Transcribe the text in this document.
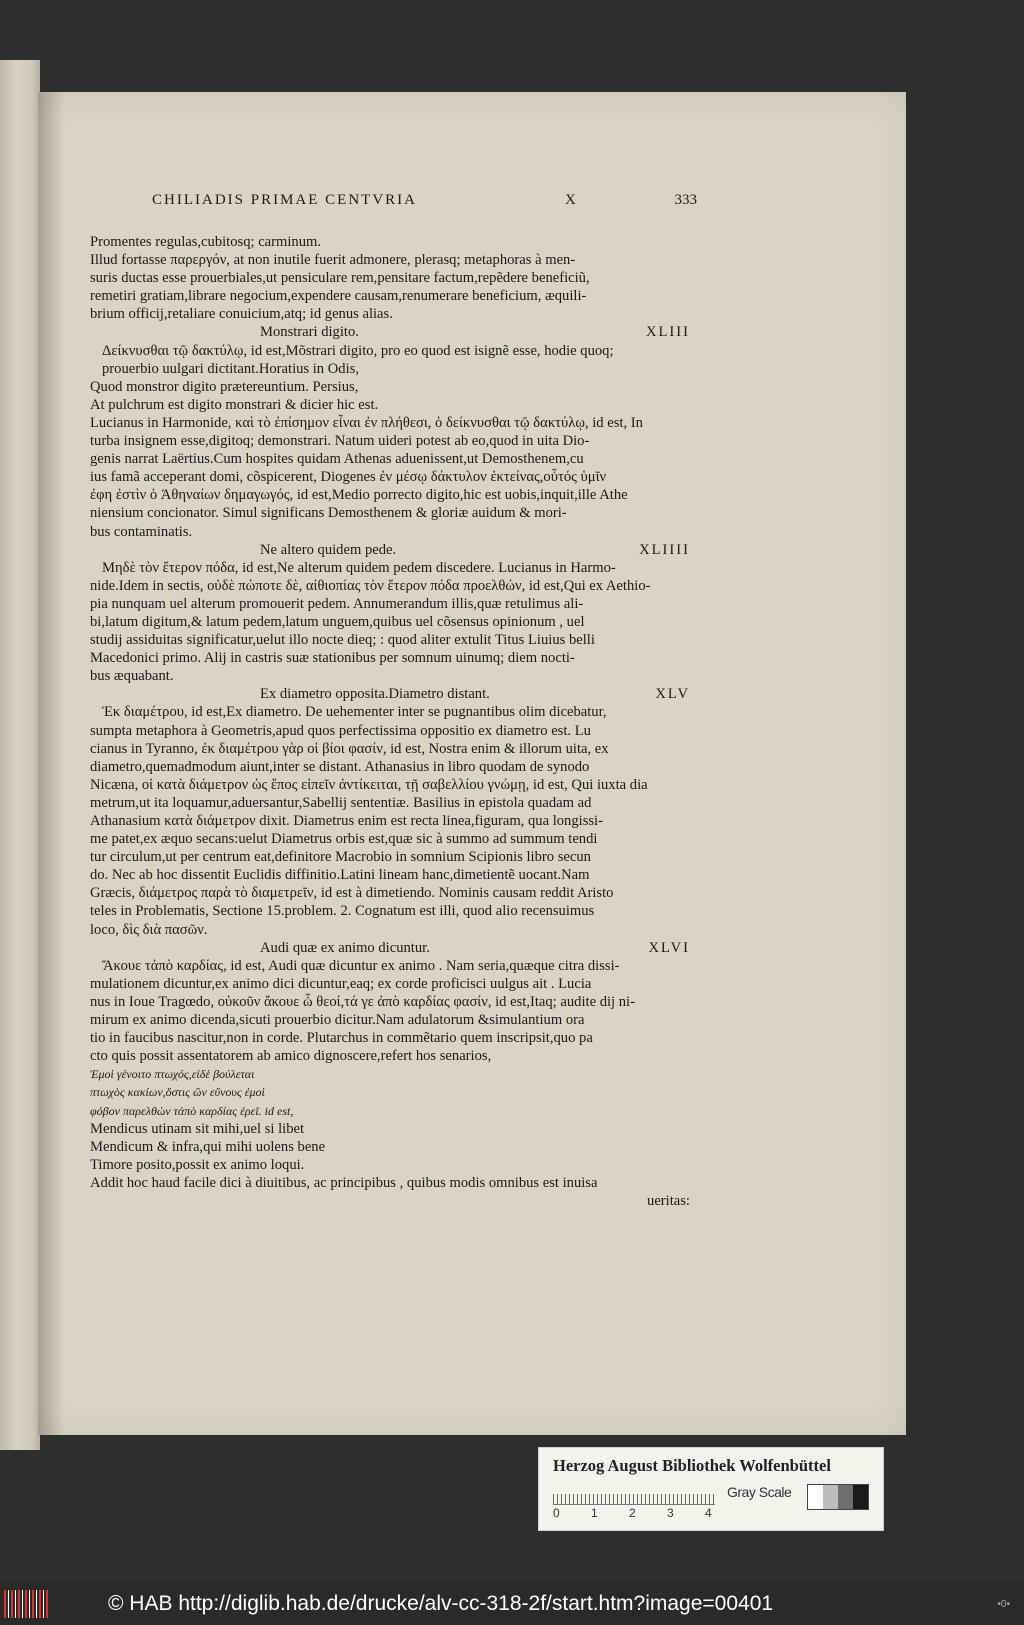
CHILIADIS PRIMAE CENTVRIA	X	333
Promentes regulas,cubitosq; carminum.
Illud fortasse παρεργόν, at non inutile fuerit admonere, plerasq; metaphoras à men-
suris ductas esse prouerbiales,ut pensiculare rem,pensitare factum,repẽdere beneficiũ,
remetiri gratiam,librare negocium,expendere causam,renumerare beneficium, æquili-
brium officij,retaliare conuicium,atq; id genus alias.
Monstrari digito.	XLIII
Δείκνυσθαι τῷ δακτύλῳ, id est,Mõstrari digito, pro eo quod est isignẽ esse, hodie quoq;
prouerbio uulgari dictitant.Horatius in Odis,
Quod monstror digito prætereuntium. Persius,
At pulchrum est digito monstrari & dicier hic est.
Lucianus in Harmonide, καὶ τὸ ἐπίσημον εἶναι ἐν πλήθεσι, ὁ δείκνυσθαι τῷ δακτύλῳ, id est, In
turba insignem esse,digitoq; demonstrari. Natum uideri potest ab eo,quod in uita Dio-
genis narrat Laërtius.Cum hospites quidam Athenas aduenissent,ut Demosthenem,cu
ius famã acceperant domi, cõspicerent, Diogenes ἐν μέσῳ δάκτυλον ἐκτείνας,οὗτός ὑμῖν
ἐφη ἐστὶν ὁ Ἀθηναίων δημαγωγός, id est,Medio porrecto digito,hic est uobis,inquit,ille Athe
niensium concionator. Simul significans Demosthenem & gloriæ auidum & mori-
bus contaminatis.
Ne altero quidem pede.	XLIIII
Μηδὲ τὸν ἕτερον πόδα, id est,Ne alterum quidem pedem discedere. Lucianus in Harmo-
nide.Idem in sectis, οὐδὲ πώποτε δὲ, αἰθιοπίας τὸν ἕτερον πόδα προελθών, id est,Qui ex Aethio-
pia nunquam uel alterum promouerit pedem. Annumerandum illis,quæ retulimus ali-
bi,latum digitum,& latum pedem,latum unguem,quibus uel cõsensus opinionum , uel
studij assiduitas significatur,uelut illo nocte dieq; : quod aliter extulit Titus Liuius belli
Macedonici primo. Alij in castris suæ stationibus per somnum uinumq; diem nocti-
bus æquabant.
Ex diametro opposita.Diametro distant.	XLV
Ἐκ διαμέτρου, id est,Ex diametro. De uehementer inter se pugnantibus olim dicebatur,
sumpta metaphora à Geometris,apud quos perfectissima oppositio ex diametro est. Lu
cianus in Tyranno, ἐκ διαμέτρου γὰρ οἱ βίοι φασίν, id est, Nostra enim & illorum uita, ex
diametro,quemadmodum aiunt,inter se distant. Athanasius in libro quodam de synodo
Nicæna, οἱ κατὰ διάμετρον ὡς ἔπος εἰπεῖν ἀντίκειται, τῇ σαβελλίου γνώμῃ, id est, Qui iuxta dia
metrum,ut ita loquamur,aduersantur,Sabellij sententiæ. Basilius in epistola quadam ad
Athanasium κατὰ διάμετρον dixit. Diametrus enim est recta linea,figuram, qua longissi-
me patet,ex æquo secans:uelut Diametrus orbis est,quæ sic à summo ad summum tendi
tur circulum,ut per centrum eat,definitore Macrobio in somnium Scipionis libro secun
do. Nec ab hoc dissentit Euclidis diffinitio.Latini lineam hanc,dimetientẽ uocant.Nam
Græcis, διάμετρος παρὰ τὸ διαμετρεῖν, id est à dimetiendo. Nominis causam reddit Aristo
teles in Problematis, Sectione 15.problem. 2. Cognatum est illi, quod alio recensuimus
loco, δὶς διὰ πασῶν.
Audi quæ ex animo dicuntur.	XLVI
Ἄκουε τἀπὸ καρδίας, id est, Audi quæ dicuntur ex animo . Nam seria,quæque citra dissi-
mulationem dicuntur,ex animo dici dicuntur,eaq; ex corde proficisci uulgus ait . Lucia
nus in Ioue Tragœdo, οὐκοῦν ἄκουε ὦ θεοί,τά γε ἀπὸ καρδίας φασίν, id est,Itaq; audite dij ni-
mirum ex animo dicenda,sicuti prouerbio dicitur.Nam adulatorum &simulantium ora
tio in faucibus nascitur,non in corde. Plutarchus in commẽtario quem inscripsit,quo pa
cto quis possit assentatorem ab amico dignoscere,refert hos senarios,
Ἐμοὶ γένοιτο πτωχός,εἰδὲ βούλεται
πτωχὸς κακίων,ὅστις ὢν εὔνους ἐμοὶ
φόβον παρελθὼν τἀπὸ καρδίας ἐρεῖ. id est,
Mendicus utinam sit mihi,uel si libet
Mendicum & infra,qui mihi uolens bene
Timore posito,possit ex animo loqui.
Addit hoc haud facile dici à diuitibus, ac principibus , quibus modis omnibus est inuisa
ueritas:
Herzog August Bibliothek Wolfenbüttel
0	1	2	3	4
Gray Scale
© HAB http://diglib.hab.de/drucke/alv-cc-318-2f/start.htm?image=00401	•0•
